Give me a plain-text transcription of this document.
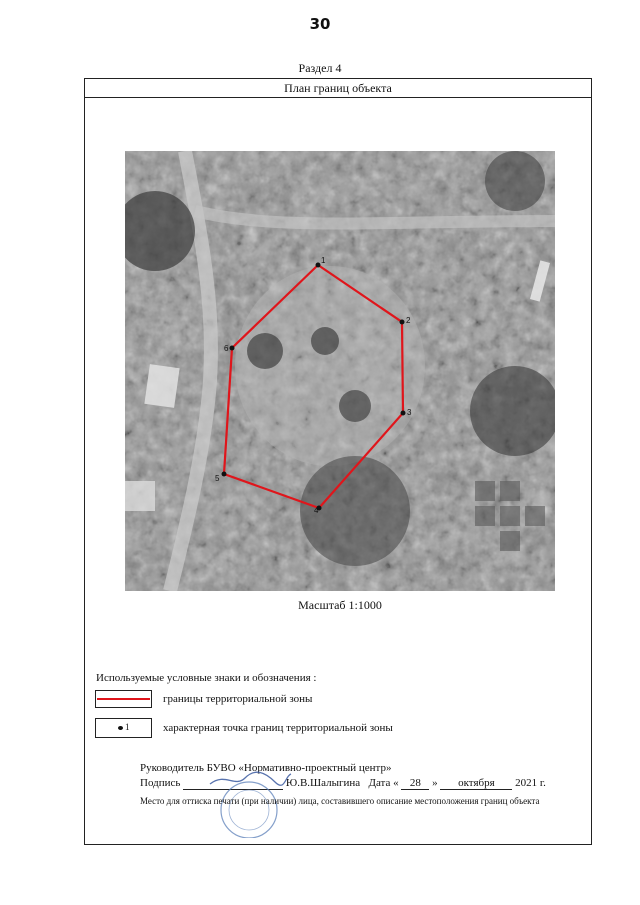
30
Раздел 4
План границ объекта
1
2
3
4
5
6
Масштаб 1:1000
Используемые условные знаки и обозначения :
границы территориальной зоны
1	характерная точка границ территориальной зоны
Руководитель БУВО «Нормативно-проектный центр»
Подпись	Ю.В.Шалыгина Дата « 28 » октября 2021 г.
Место для оттиска печати (при наличии) лица, составившего описание местоположения границ объекта
